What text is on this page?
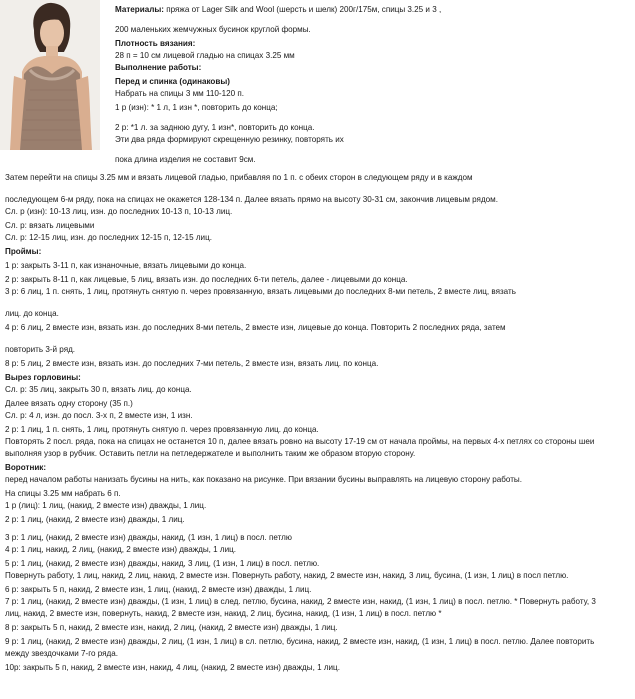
Материалы: пряжа от Lager Silk and Wool (шерсть и шелк) 200г/175м, спицы 3.25 и 3 ,
200 маленьких жемчужных бусинок круглой формы.
Плотность вязания:
28 п = 10 см лицевой гладью на спицах 3.25 мм
Выполнение работы:
Перед и спинка (одинаковы)
Набрать на спицы 3 мм 110-120 п.
1 р (изн): * 1 л, 1 изн *, повторить до конца;
2 р: *1 л. за заднюю дугу, 1 изн*, повторить до конца.
Эти два ряда формируют скрещенную резинку, повторять их
пока длина изделия не составит 9см.
Затем перейти на спицы 3.25 мм и вязать лицевой гладью, прибавляя по 1 п. с обеих сторон в следующем ряду и в каждом
последующем 6-м ряду, пока на спицах не окажется 128-134 п. Далее вязать прямо на высоту 30-31 см, закончив лицевым рядом.
Сл. р (изн): 10-13 лиц, изн. до последних 10-13 п, 10-13 лиц.
Сл. р: вязать лицевыми
Сл. р: 12-15 лиц, изн. до последних 12-15 п, 12-15 лиц.
Проймы:
1 р: закрыть 3-11 п, как изнаночные, вязать лицевыми до конца.
2 р: закрыть 8-11 п, как лицевые, 5 лиц, вязать изн. до последних 6-ти петель, далее - лицевыми до конца.
3 р: 6 лиц, 1 п. снять, 1 лиц, протянуть снятую п. через провязанную, вязать лицевыми до последних 8-ми петель, 2 вместе лиц, вязать
лиц. до конца.
4 р: 6 лиц, 2 вместе изн, вязать изн. до последних 8-ми петель, 2 вместе изн, лицевые до конца. Повторить 2 последних ряда, затем
повторить 3-й ряд.
8 р: 5 лиц, 2 вместе изн, вязать изн. до последних 7-ми петель, 2 вместе изн, вязать лиц. по конца.
Вырез горловины:
Сл. р: 35 лиц, закрыть 30 п, вязать лиц. до конца.
Далее вязать одну сторону (35 п.)
Сл. р: 4 л, изн. до посл. 3-х п, 2 вместе изн, 1 изн.
2 р: 1 лиц, 1 п. снять, 1 лиц, протянуть снятую п. через провязанную лиц. до конца.
Повторять 2 посл. ряда, пока на спицах не останется 10 п, далее вязать ровно на высоту 17-19 см от начала проймы, на первых 4-х петлях со стороны шеи
выполняя узор в рубчик. Оставить петли на петледержателе и выполнить таким же образом вторую сторону.
Воротник:
перед началом работы нанизать бусины на нить, как показано на рисунке. При вязании бусины выправлять на лицевую сторону работы.
На спицы 3.25 мм набрать 6 п.
1 р (лиц): 1 лиц, (накид, 2 вместе изн) дважды, 1 лиц.
2 р: 1 лиц, (накид, 2 вместе изн) дважды, 1 лиц.
3 р: 1 лиц, (накид, 2 вместе изн) дважды, накид, (1 изн, 1 лиц) в посл. петлю
4 р: 1 лиц, накид, 2 лиц, (накид, 2 вместе изн) дважды, 1 лиц.
5 р: 1 лиц, (накид, 2 вместе изн) дважды, накид, 3 лиц, (1 изн, 1 лиц) в посл. петлю.
Повернуть работу, 1 лиц, накид, 2 лиц, накид, 2 вместе изн. Повернуть работу, накид, 2 вместе изн, накид, 3 лиц, бусина, (1 изн, 1 лиц) в посл петлю.
6 р: закрыть 5 п, накид, 2 вместе изн, 1 лиц, (накид, 2 вместе изн) дважды, 1 лиц.
7 р: 1 лиц, (накид, 2 вместе изн) дважды, (1 изн, 1 лиц) в след. петлю, бусина, накид, 2 вместе изн, накид, (1 изн, 1 лиц) в посл. петлю. * Повернуть работу, 3
лиц, накид, 2 вместе изн, повернуть, накид, 2 вместе изн, накид, 2 лиц, бусина, накид, (1 изн, 1 лиц) в посл. петлю *
8 р: закрыть 5 п, накид, 2 вместе изн, накид, 2 лиц, (накид, 2 вместе изн) дважды, 1 лиц.
9 р: 1 лиц, (накид, 2 вместе изн) дважды, 2 лиц, (1 изн, 1 лиц) в сл. петлю, бусина, накид, 2 вместе изн, накид, (1 изн, 1 лиц) в посл. петлю. Далее повторить
между звездочками 7-го ряда.
10р: закрыть 5 п, накид, 2 вместе изн, накид, 4 лиц, (накид, 2 вместе изн) дважды, 1 лиц.
